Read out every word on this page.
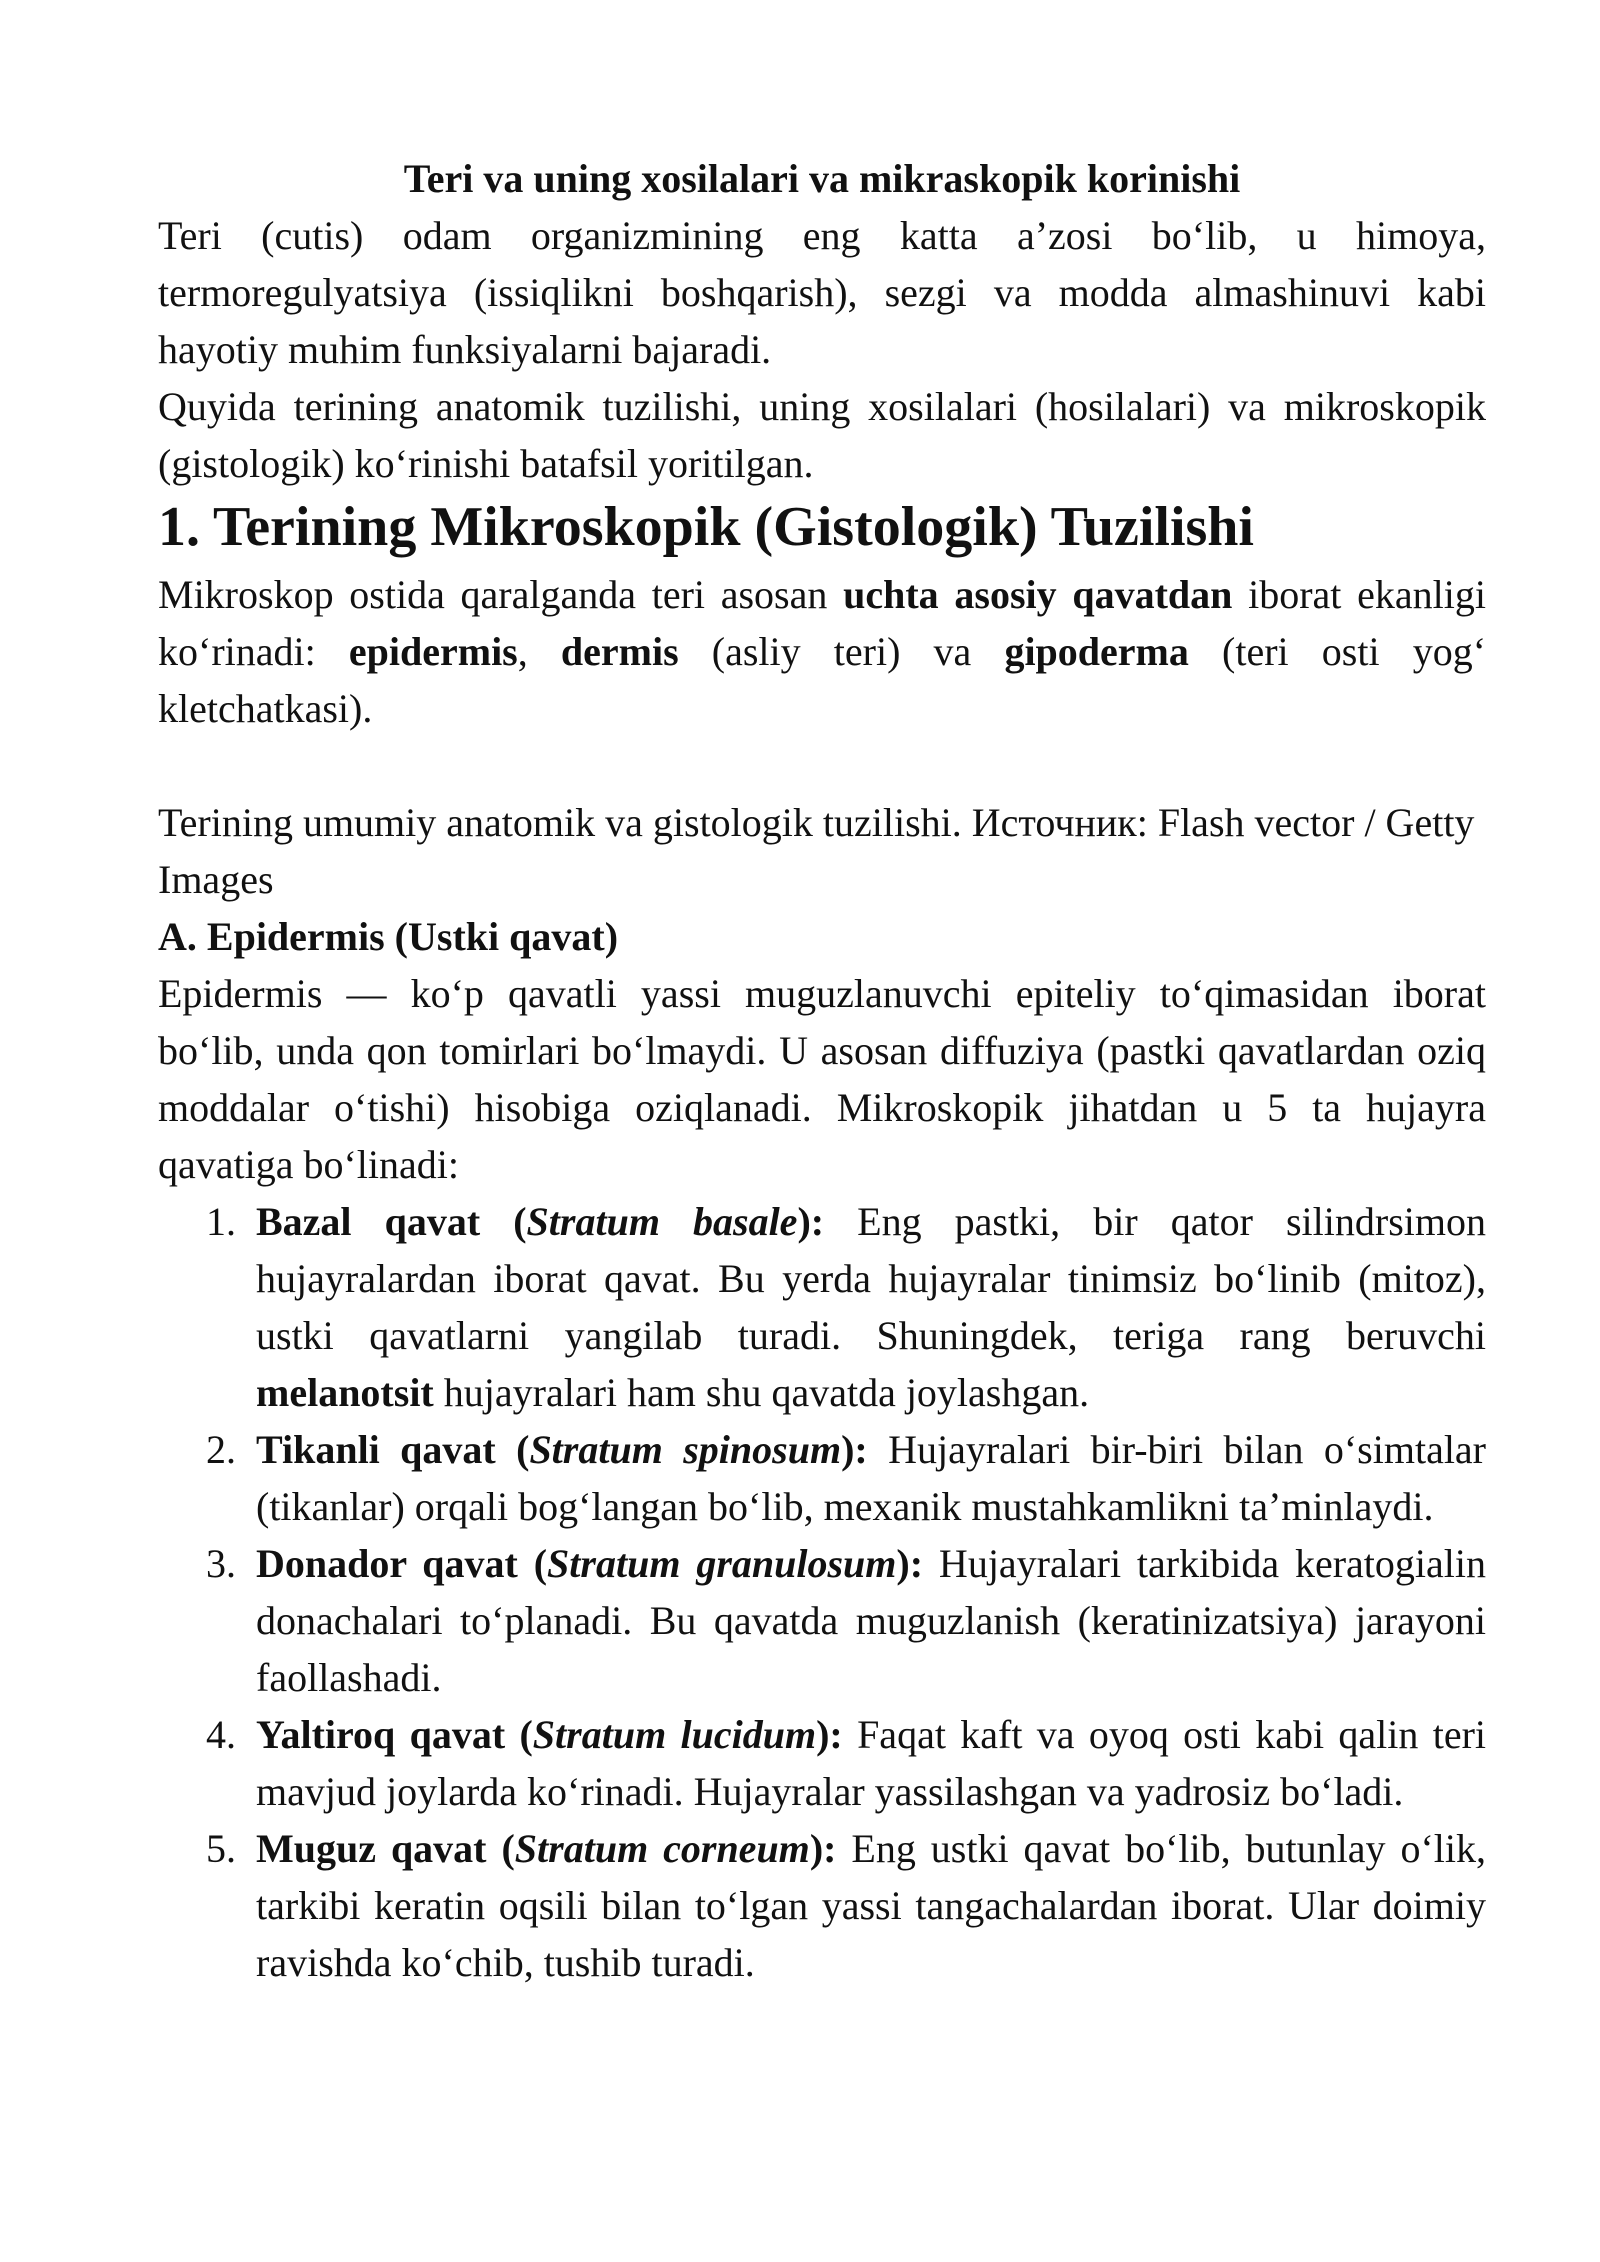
Teri va uning xosilalari va mikraskopik korinishi

Teri (cutis) odam organizmining eng katta a’zosi bo‘lib, u himoya, termoregulyatsiya (issiqlikni boshqarish), sezgi va modda almashinuvi kabi hayotiy muhim funksiyalarni bajaradi.

Quyida terining anatomik tuzilishi, uning xosilalari (hosilalari) va mikroskopik (gistologik) ko‘rinishi batafsil yoritilgan.

1. Terining Mikroskopik (Gistologik) Tuzilishi

Mikroskop ostida qaralganda teri asosan uchta asosiy qavatdan iborat ekanligi ko‘rinadi: epidermis, dermis (asliy teri) va gipoderma (teri osti yog‘ kletchatkasi).

Terining umumiy anatomik va gistologik tuzilishi. Источник: Flash vector / Getty Images

A. Epidermis (Ustki qavat)

Epidermis — ko‘p qavatli yassi muguzlanuvchi epiteliy to‘qimasidan iborat bo‘lib, unda qon tomirlari bo‘lmaydi. U asosan diffuziya (pastki qavatlardan oziq moddalar o‘tishi) hisobiga oziqlanadi. Mikroskopik jihatdan u 5 ta hujayra qavatiga bo‘linadi:

1. Bazal qavat (Stratum basale): Eng pastki, bir qator silindrsimon hujayralardan iborat qavat. Bu yerda hujayralar tinimsiz bo‘linib (mitoz), ustki qavatlarni yangilab turadi. Shuningdek, teriga rang beruvchi melanotsit hujayralari ham shu qavatda joylashgan.
2. Tikanli qavat (Stratum spinosum): Hujayralari bir-biri bilan o‘simtalar (tikanlar) orqali bog‘langan bo‘lib, mexanik mustahkamlikni ta’minlaydi.
3. Donador qavat (Stratum granulosum): Hujayralari tarkibida keratogialin donachalari to‘planadi. Bu qavatda muguzlanish (keratinizatsiya) jarayoni faollashadi.
4. Yaltiroq qavat (Stratum lucidum): Faqat kaft va oyoq osti kabi qalin teri mavjud joylarda ko‘rinadi. Hujayralar yassilashgan va yadrosiz bo‘ladi.
5. Muguz qavat (Stratum corneum): Eng ustki qavat bo‘lib, butunlay o‘lik, tarkibi keratin oqsili bilan to‘lgan yassi tangachalardan iborat. Ular doimiy ravishda ko‘chib, tushib turadi.
